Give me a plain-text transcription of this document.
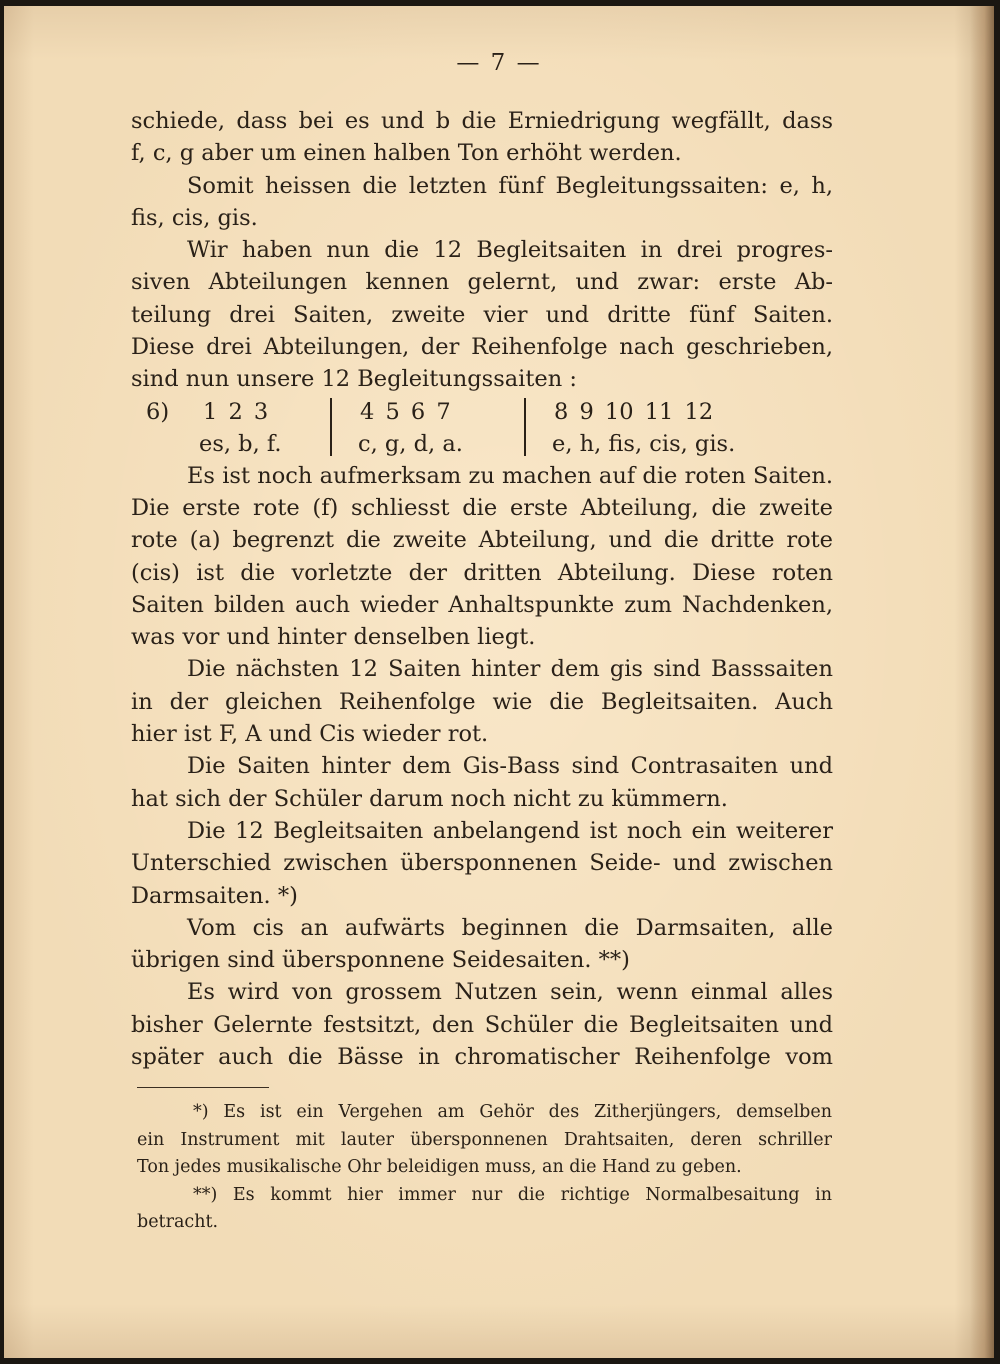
— 7 —

schiede, dass bei es und b die Erniedrigung wegfällt, dass
f, c, g aber um einen halben Ton erhöht werden.

Somit heissen die letzten fünf Begleitungssaiten: e, h,
fis, cis, gis.

Wir haben nun die 12 Begleitsaiten in drei progres-
siven Abteilungen kennen gelernt, und zwar: erste Ab-
teilung drei Saiten, zweite vier und dritte fünf Saiten.
Diese drei Abteilungen, der Reihenfolge nach geschrieben,
sind nun unsere 12 Begleitungssaiten :

6) 1 2 3
es, b, f.
4 5 6 7
c, g, d, a.
8 9 10 11 12
e, h, fis, cis, gis.

Es ist noch aufmerksam zu machen auf die roten Saiten.
Die erste rote (f) schliesst die erste Abteilung, die zweite
rote (a) begrenzt die zweite Abteilung, und die dritte rote
(cis) ist die vorletzte der dritten Abteilung. Diese roten
Saiten bilden auch wieder Anhaltspunkte zum Nachdenken,
was vor und hinter denselben liegt.

Die nächsten 12 Saiten hinter dem gis sind Basssaiten
in der gleichen Reihenfolge wie die Begleitsaiten. Auch
hier ist F, A und Cis wieder rot.

Die Saiten hinter dem Gis-Bass sind Contrasaiten und
hat sich der Schüler darum noch nicht zu kümmern.

Die 12 Begleitsaiten anbelangend ist noch ein weiterer
Unterschied zwischen übersponnenen Seide- und zwischen
Darmsaiten. *)

Vom cis an aufwärts beginnen die Darmsaiten, alle
übrigen sind übersponnene Seidesaiten. **)

Es wird von grossem Nutzen sein, wenn einmal alles
bisher Gelernte festsitzt, den Schüler die Begleitsaiten und
später auch die Bässe in chromatischer Reihenfolge vom

*) Es ist ein Vergehen am Gehör des Zitherjüngers, demselben
ein Instrument mit lauter übersponnenen Drahtsaiten, deren schriller
Ton jedes musikalische Ohr beleidigen muss, an die Hand zu geben.

**) Es kommt hier immer nur die richtige Normalbesaitung in
betracht.
